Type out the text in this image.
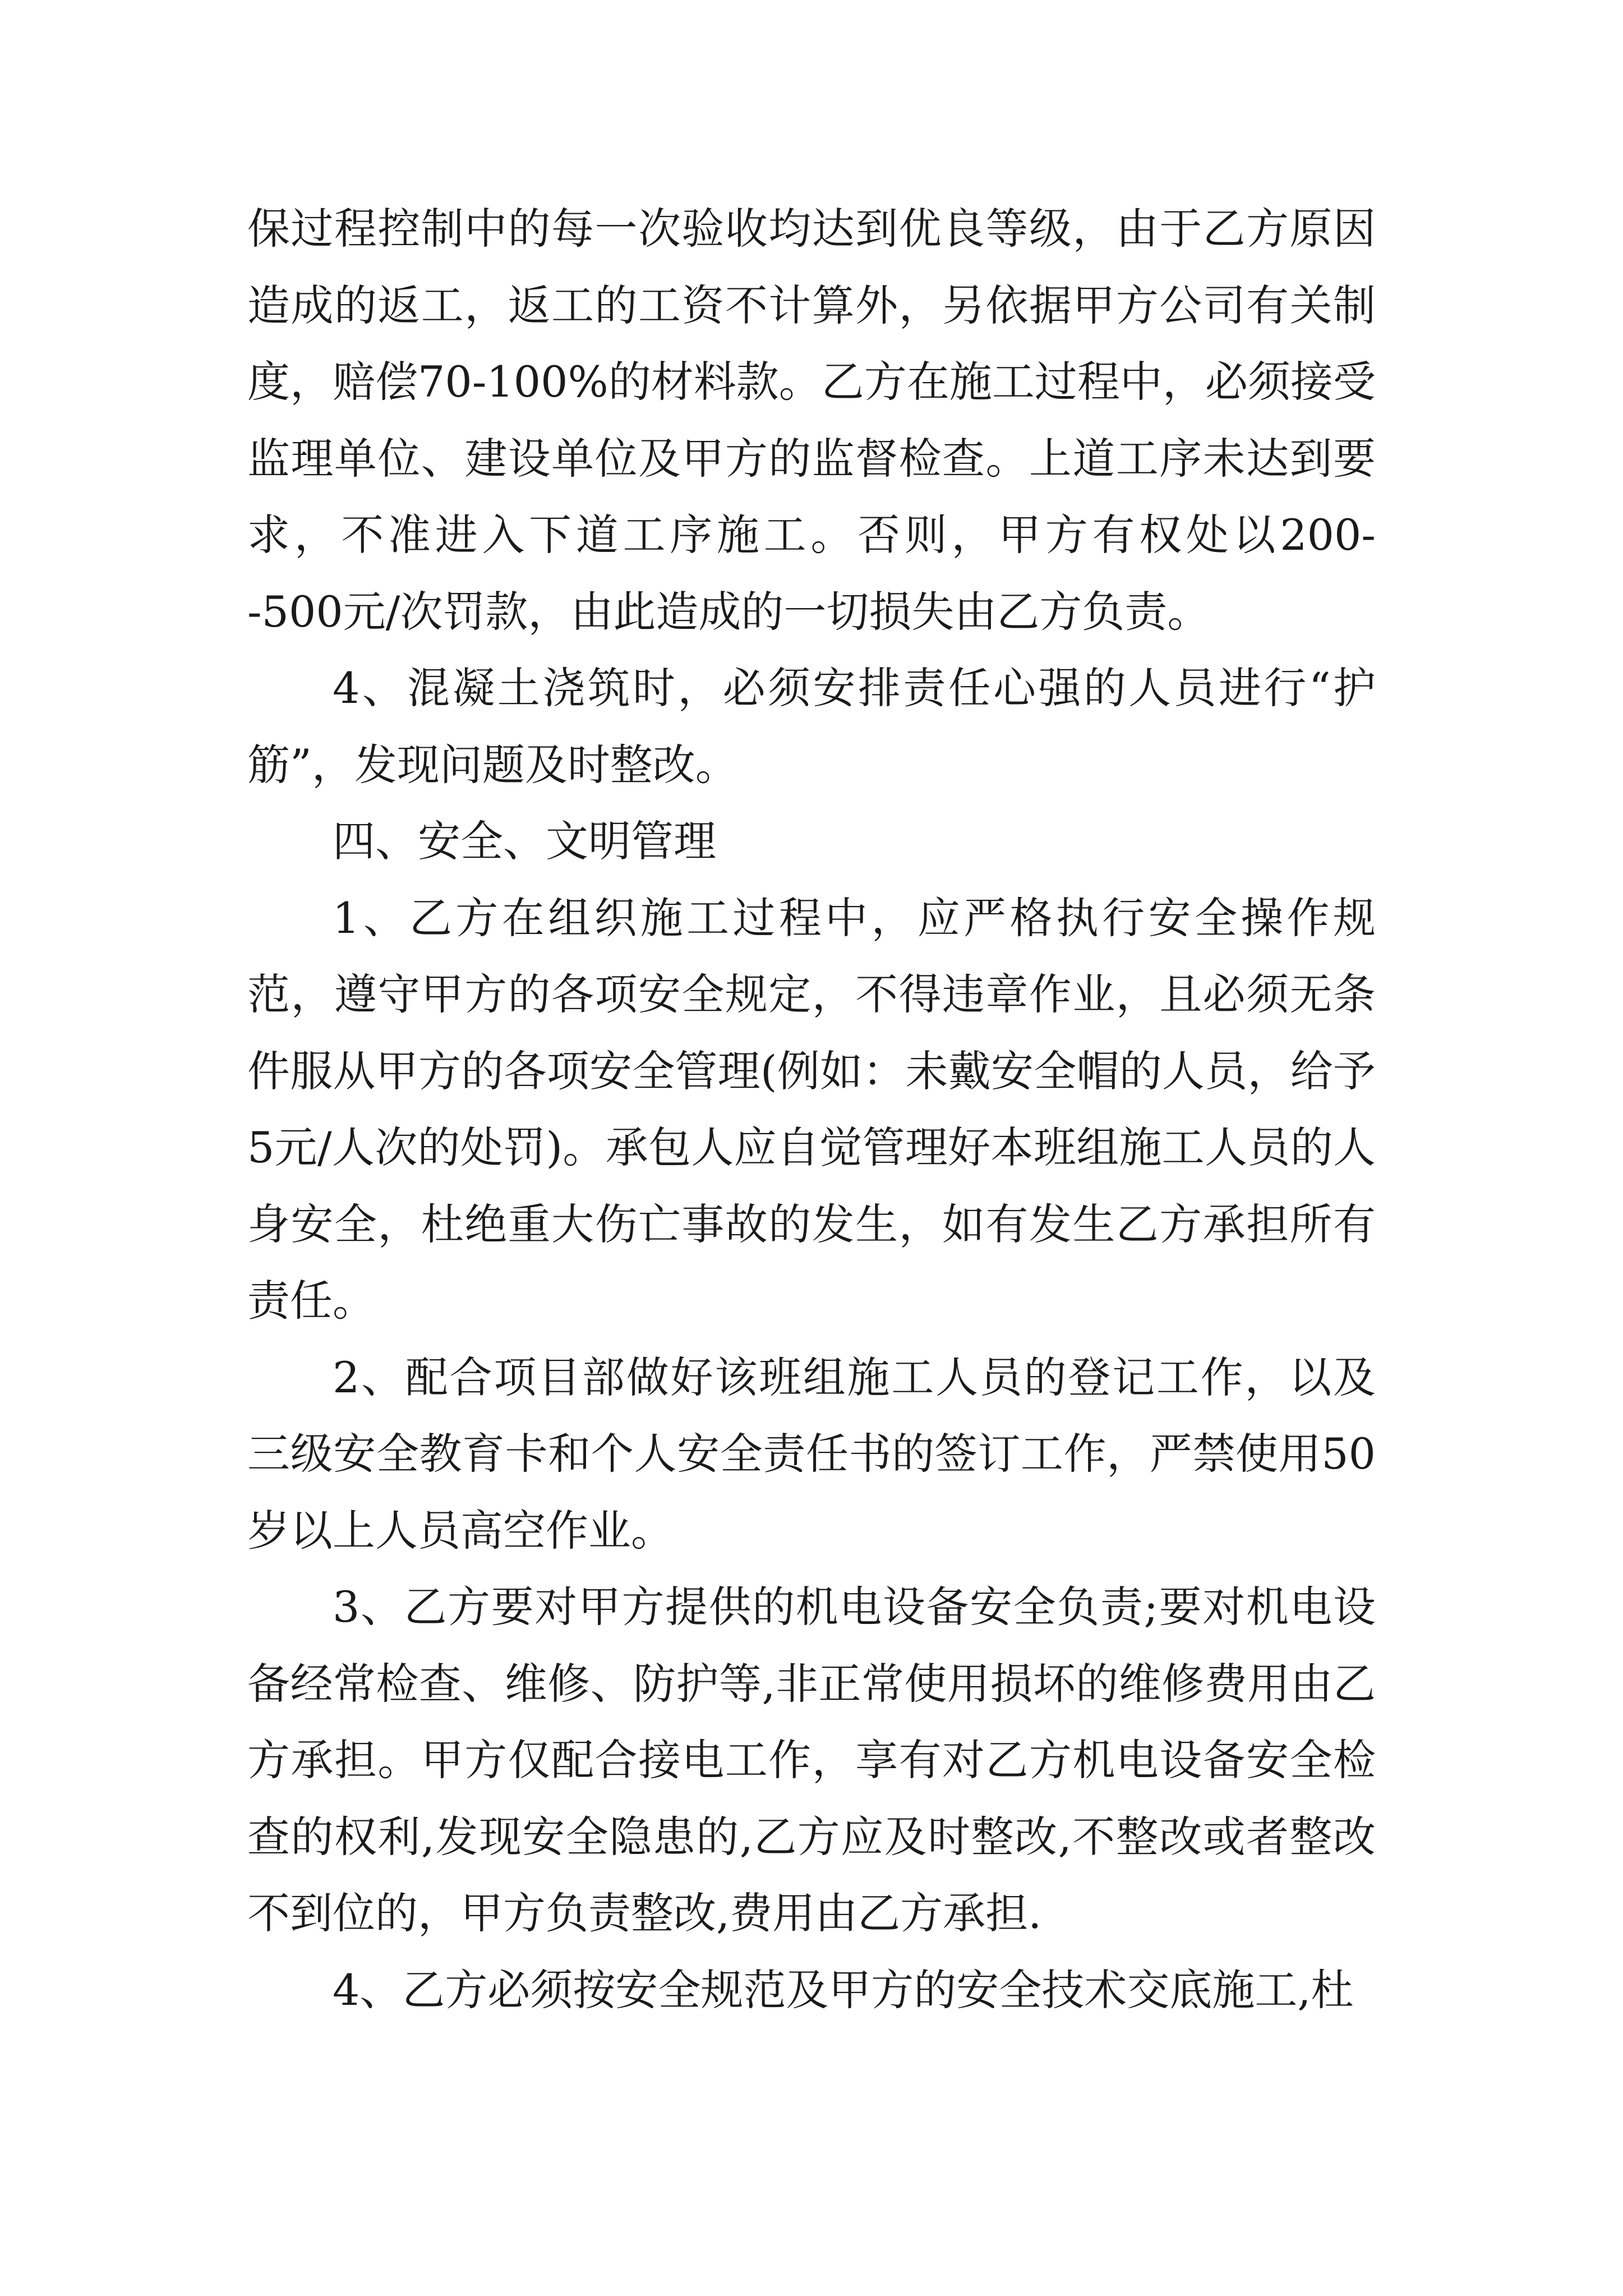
保过程控制中的每一次验收均达到优良等级，由于乙方原因造成的返工，返工的工资不计算外，另依据甲方公司有关制度，赔偿70-100%的材料款。乙方在施工过程中，必须接受监理单位、建设单位及甲方的监督检查。上道工序未达到要求，不准进入下道工序施工。否则，甲方有权处以200--500元/次罚款，由此造成的一切损失由乙方负责。

4、混凝土浇筑时，必须安排责任心强的人员进行“护筋”，发现问题及时整改。

四、安全、文明管理

1、乙方在组织施工过程中，应严格执行安全操作规范，遵守甲方的各项安全规定，不得违章作业，且必须无条件服从甲方的各项安全管理(例如：未戴安全帽的人员，给予5元/人次的处罚)。承包人应自觉管理好本班组施工人员的人身安全，杜绝重大伤亡事故的发生，如有发生乙方承担所有责任。

2、配合项目部做好该班组施工人员的登记工作，以及三级安全教育卡和个人安全责任书的签订工作，严禁使用50岁以上人员高空作业。

3、乙方要对甲方提供的机电设备安全负责;要对机电设备经常检查、维修、防护等,非正常使用损坏的维修费用由乙方承担。甲方仅配合接电工作，享有对乙方机电设备安全检查的权利,发现安全隐患的,乙方应及时整改,不整改或者整改不到位的，甲方负责整改,费用由乙方承担.

4、乙方必须按安全规范及甲方的安全技术交底施工,杜
